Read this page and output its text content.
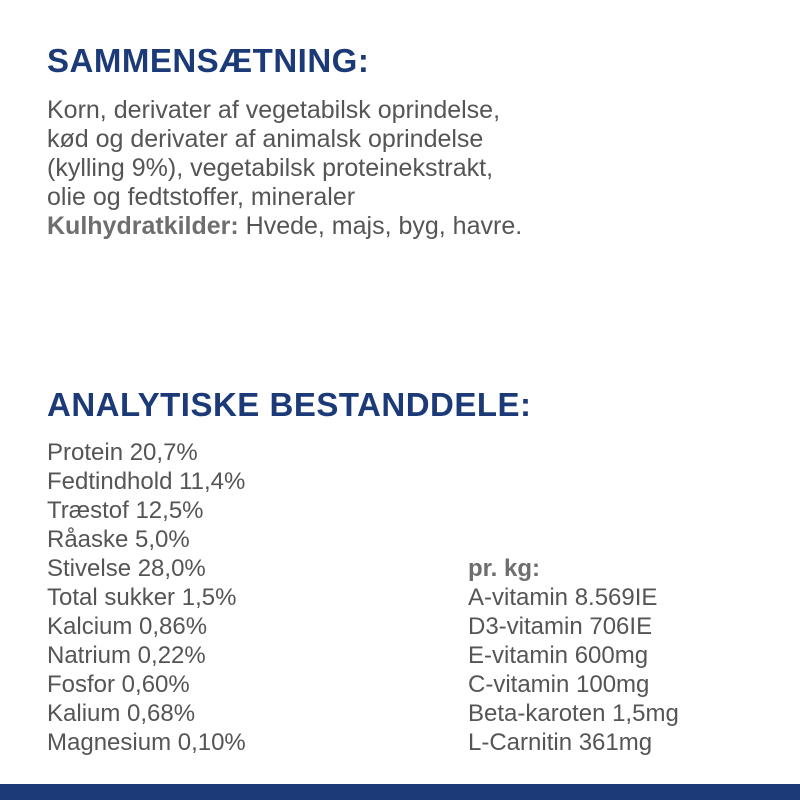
SAMMENSÆTNING:
Korn, derivater af vegetabilsk oprindelse,
kød og derivater af animalsk oprindelse
(kylling 9%), vegetabilsk proteinekstrakt,
olie og fedtstoffer, mineraler
Kulhydratkilder: Hvede, majs, byg, havre.
ANALYTISKE BESTANDDELE:
Protein 20,7%
Fedtindhold 11,4%
Træstof 12,5%
Råaske 5,0%
Stivelse 28,0%
Total sukker 1,5%
Kalcium 0,86%
Natrium 0,22%
Fosfor 0,60%
Kalium 0,68%
Magnesium 0,10%
pr. kg:
A-vitamin 8.569IE
D3-vitamin 706IE
E-vitamin 600mg
C-vitamin 100mg
Beta-karoten 1,5mg
L-Carnitin 361mg
